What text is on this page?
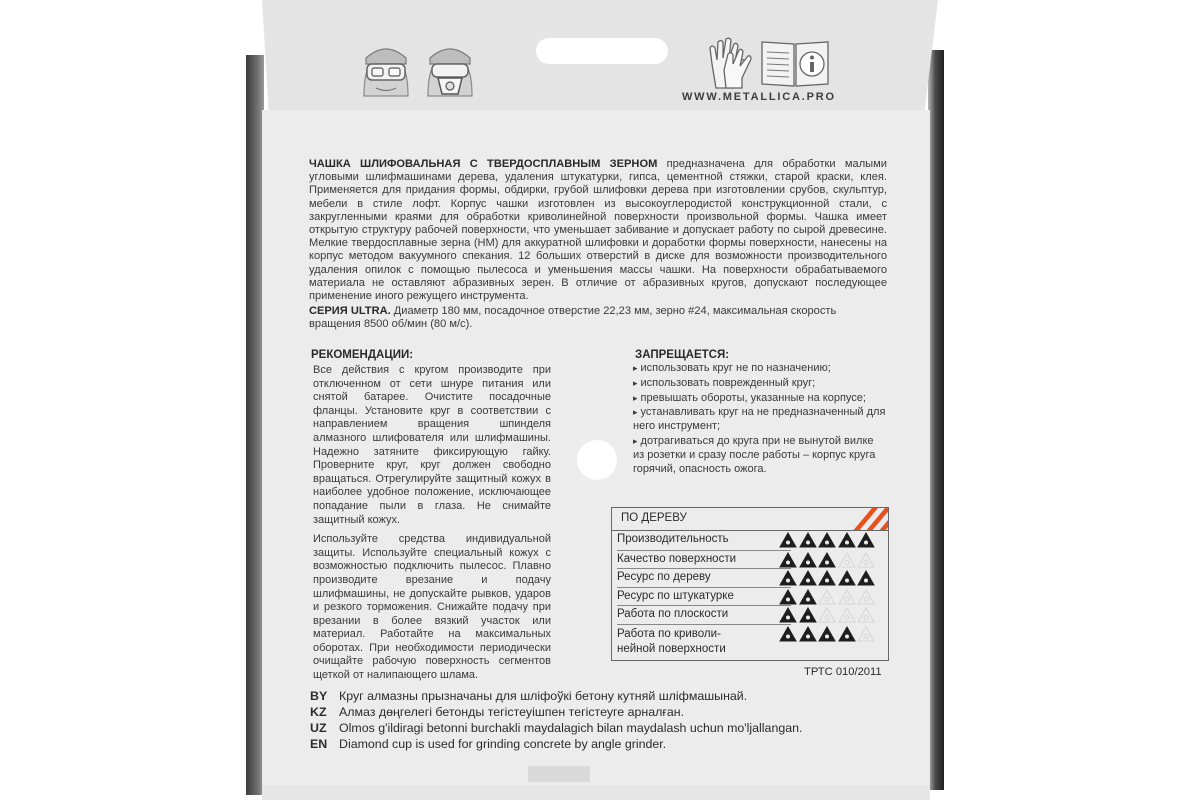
WWW.METALLICA.PRO
ЧАШКА ШЛИФОВАЛЬНАЯ С ТВЕРДОСПЛАВНЫМ ЗЕРНОМ предназначена для обработки малыми угловыми шлифмашинами дерева, удаления штукатурки, гипса, цементной стяжки, старой краски, клея. Применяется для придания формы, обдирки, грубой шлифовки дерева при изготовлении срубов, скульптур, мебели в стиле лофт. Корпус чашки изготовлен из высокоуглеродистой конструкционной стали, с закругленными краями для обработки криволинейной поверхности произвольной формы. Чашка имеет открытую структуру рабочей поверхности, что уменьшает забивание и допускает работу по сырой древесине. Мелкие твердосплавные зерна (НМ) для аккуратной шлифовки и доработки формы поверхности, нанесены на корпус методом вакуумного спекания. 12 больших отверстий в диске для возможности производительного удаления опилок с помощью пылесоса и уменьшения массы чашки. На поверхности обрабатываемого материала не оставляют абразивных зерен. В отличие от абразивных кругов, допускают последующее применение иного режущего инструмента.
СЕРИЯ ULTRA. Диаметр 180 мм, посадочное отверстие 22,23 мм, зерно #24, максимальная скорость вращения 8500 об/мин (80 м/с).
РЕКОМЕНДАЦИИ:

Все действия с кругом производите при отключенном от сети шнуре питания или снятой батарее. Очистите посадочные фланцы. Установите круг в соответствии с направлением вращения шпинделя алмазного шлифователя или шлифмашины. Надежно затяните фиксирующую гайку. Проверните круг, круг должен свободно вращаться. Отрегулируйте защитный кожух в наиболее удобное положение, исключающее попадание пыли в глаза. Не снимайте защитный кожух.

Используйте средства индивидуальной защиты. Используйте специальный кожух с возможностью подключить пылесос. Плавно производите врезание и подачу шлифмашины, не допускайте рывков, ударов и резкого торможения. Снижайте подачу при врезании в более вязкий участок или материал. Работайте на максимальных оборотах. При необходимости периодически очищайте рабочую поверхность сегментов щеткой от налипающего шлама.

ЗАПРЕЩАЕТСЯ:
▸ использовать круг не по назначению;
▸ использовать поврежденный круг;
▸ превышать обороты, указанные на корпусе;
▸ устанавливать круг на не предназначенный для него инструмент;
▸ дотрагиваться до круга при не вынутой вилке из розетки и сразу после работы – корпус круга горячий, опасность ожога.
ПО ДЕРЕВУ
Производительность
Качество поверхности
Ресурс по дереву
Ресурс по штукатурке
Работа по плоскости
Работа по криволи-
нейной поверхности
ТРТС 010/2011
BY Круг алмазны прызначаны для шліфоўкі бетону кутняй шліфмашынай.
KZ Алмаз дөңгелегі бетонды тегістеуішпен тегістеуге арналған.
UZ Olmos g'ildiragi betonni burchakli maydalagich bilan maydalash uchun mo'ljallangan.
EN Diamond cup is used for grinding concrete by angle grinder.
